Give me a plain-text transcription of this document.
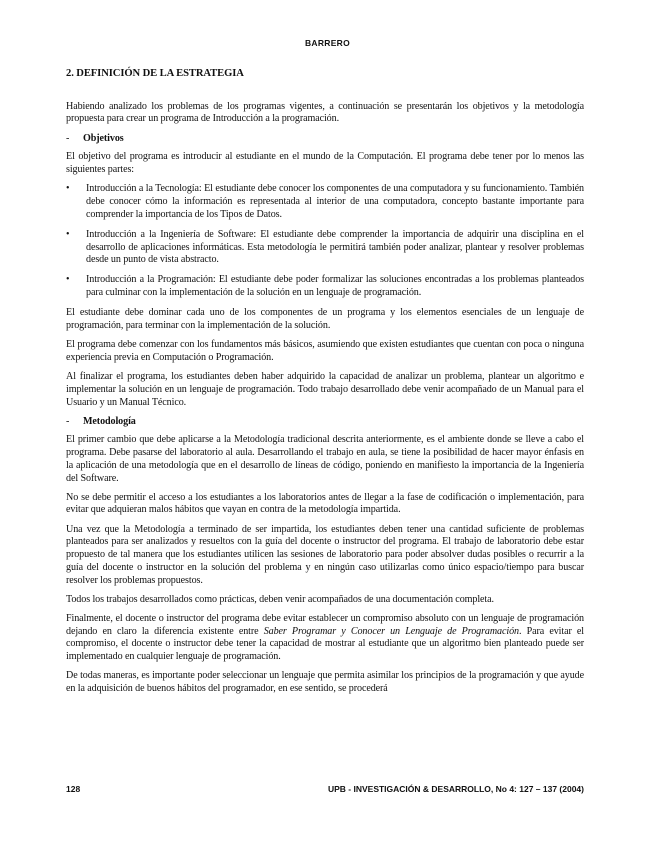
BARRERO
2. DEFINICIÓN DE LA ESTRATEGIA

Habiendo analizado los problemas de los programas vigentes, a continuación se presentarán los objetivos y la metodología propuesta para crear un programa de Introducción a la programación.

- Objetivos

El objetivo del programa es introducir al estudiante en el mundo de la Computación. El programa debe tener por lo menos las siguientes partes:

• Introducción a la Tecnología: El estudiante debe conocer los componentes de una computadora y su funcionamiento. También debe conocer cómo la información es representada al interior de una computadora, concepto bastante importante para comprender la importancia de los Tipos de Datos.
• Introducción a la Ingeniería de Software: El estudiante debe comprender la importancia de adquirir una disciplina en el desarrollo de aplicaciones informáticas. Esta metodología le permitirá también poder analizar, plantear y resolver problemas desde un punto de vista abstracto.
• Introducción a la Programación: El estudiante debe poder formalizar las soluciones encontradas a los problemas planteados para culminar con la implementación de la solución en un lenguaje de programación.

El estudiante debe dominar cada uno de los componentes de un programa y los elementos esenciales de un lenguaje de programación, para terminar con la implementación de la solución.

El programa debe comenzar con los fundamentos más básicos, asumiendo que existen estudiantes que cuentan con poca o ninguna experiencia previa en Computación o Programación.

Al finalizar el programa, los estudiantes deben haber adquirido la capacidad de analizar un problema, plantear un algoritmo e implementar la solución en un lenguaje de programación. Todo trabajo desarrollado debe venir acompañado de un Manual para el Usuario y un Manual Técnico.

- Metodología

El primer cambio que debe aplicarse a la Metodología tradicional descrita anteriormente, es el ambiente donde se lleve a cabo el programa. Debe pasarse del laboratorio al aula. Desarrollando el trabajo en aula, se tiene la posibilidad de hacer mayor énfasis en la aplicación de una metodología que en el desarrollo de líneas de código, poniendo en manifiesto la importancia de la Ingeniería del Software.

No se debe permitir el acceso a los estudiantes a los laboratorios antes de llegar a la fase de codificación o implementación, para evitar que adquieran malos hábitos que vayan en contra de la metodología impartida.

Una vez que la Metodología a terminado de ser impartida, los estudiantes deben tener una cantidad suficiente de problemas planteados para ser analizados y resueltos con la guía del docente o instructor del programa. El trabajo de laboratorio debe estar propuesto de tal manera que los estudiantes utilicen las sesiones de laboratorio para poder absolver dudas posibles o recurrir a la guía del docente o instructor en la solución del problema y en ningún caso utilizarlas como único espacio/tiempo para buscar resolver los problemas propuestos.

Todos los trabajos desarrollados como prácticas, deben venir acompañados de una documentación completa.

Finalmente, el docente o instructor del programa debe evitar establecer un compromiso absoluto con un lenguaje de programación dejando en claro la diferencia existente entre Saber Programar y Conocer un Lenguaje de Programación. Para evitar el compromiso, el docente o instructor debe tener la capacidad de mostrar al estudiante que un algoritmo bien planteado puede ser implementado en cualquier lenguaje de programación.

De todas maneras, es importante poder seleccionar un lenguaje que permita asimilar los principios de la programación y que ayude en la adquisición de buenos hábitos del programador, en ese sentido, se procederá

128	UPB - INVESTIGACIÓN & DESARROLLO, No 4: 127 – 137 (2004)
